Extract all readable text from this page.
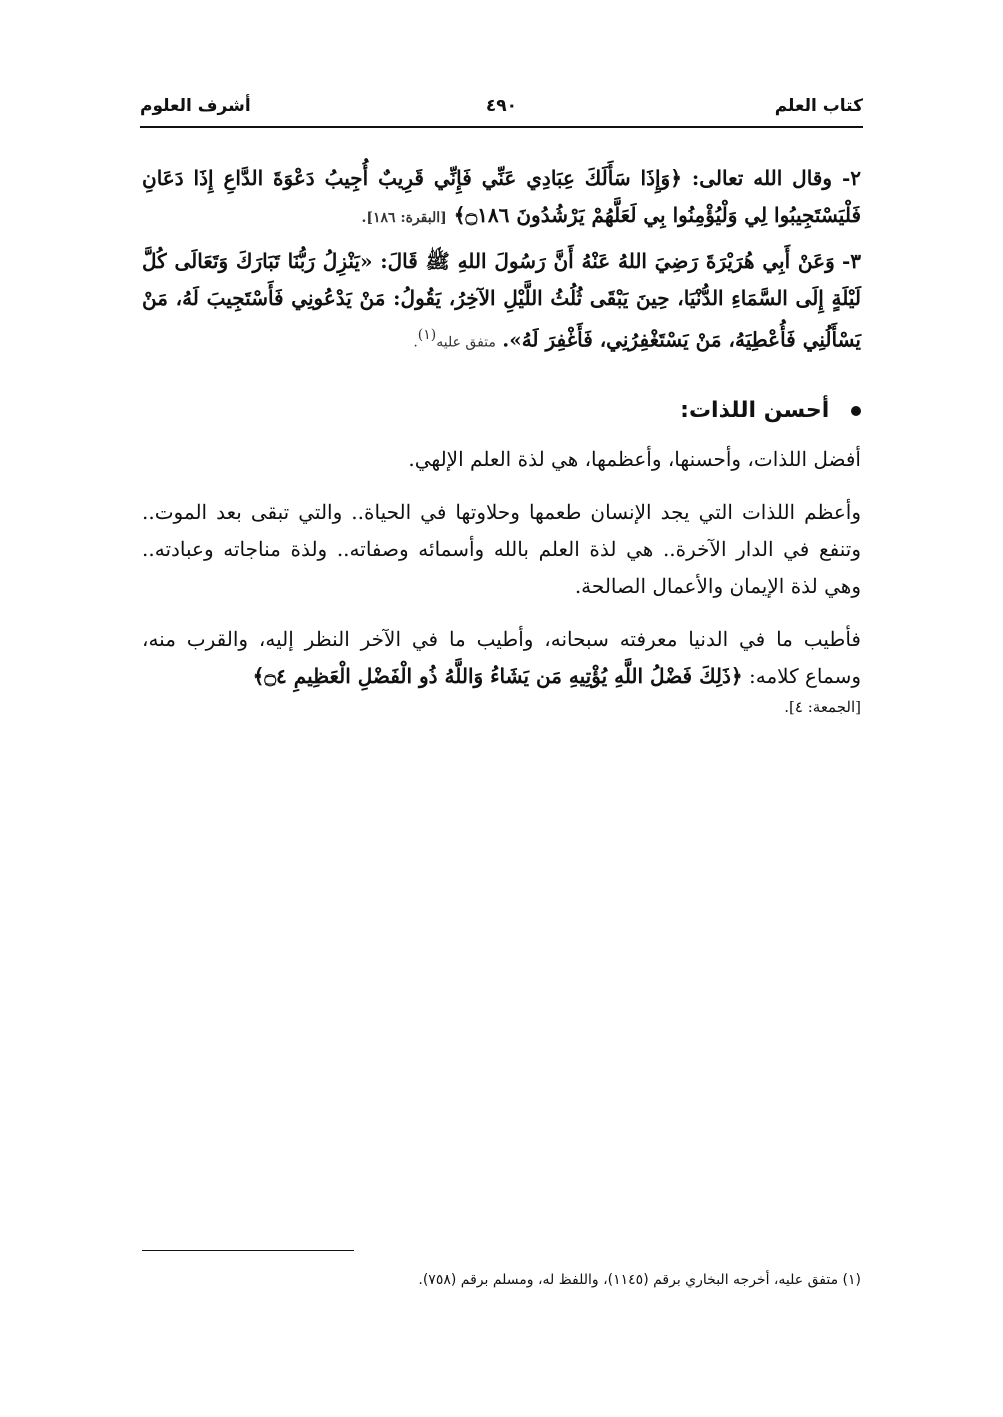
كتاب العلم
٤٩٠
أشرف العلوم

٢- وقال الله تعالى: ﴿وَإِذَا سَأَلَكَ عِبَادِي عَنِّي فَإِنِّي قَرِيبٌ أُجِيبُ دَعْوَةَ الدَّاعِ إِذَا دَعَانِ فَلْيَسْتَجِيبُوا لِي وَلْيُؤْمِنُوا بِي لَعَلَّهُمْ يَرْشُدُونَ ۝١٨٦﴾ [البقرة: ١٨٦].

٣- وَعَنْ أَبِي هُرَيْرَةَ رَضِيَ اللهُ عَنْهُ أَنَّ رَسُولَ اللهِ ﷺ قَالَ: «يَنْزِلُ رَبُّنَا تَبَارَكَ وَتَعَالَى كُلَّ لَيْلَةٍ إِلَى السَّمَاءِ الدُّنْيَا، حِينَ يَبْقَى ثُلُثُ اللَّيْلِ الآخِرُ، يَقُولُ: مَنْ يَدْعُونِي فَأَسْتَجِيبَ لَهُ، مَنْ يَسْأَلُنِي فَأُعْطِيَهُ، مَنْ يَسْتَغْفِرُنِي، فَأَغْفِرَ لَهُ». متفق عليه$^{(١)}$.

أحسن اللذات:

أفضل اللذات، وأحسنها، وأعظمها، هي لذة العلم الإلهي.

وأعظم اللذات التي يجد الإنسان طعمها وحلاوتها في الحياة.. والتي تبقى بعد الموت.. وتنفع في الدار الآخرة.. هي لذة العلم بالله وأسمائه وصفاته.. ولذة مناجاته وعبادته.. وهي لذة الإيمان والأعمال الصالحة.

فأطيب ما في الدنيا معرفته سبحانه، وأطيب ما في الآخر النظر إليه، والقرب منه، وسماع كلامه: ﴿ذَلِكَ فَضْلُ اللَّهِ يُؤْتِيهِ مَن يَشَاءُ وَاللَّهُ ذُو الْفَضْلِ الْعَظِيمِ ۝٤﴾

[الجمعة: ٤].

(١) متفق عليه، أخرجه البخاري برقم (١١٤٥)، واللفظ له، ومسلم برقم (٧٥٨).
